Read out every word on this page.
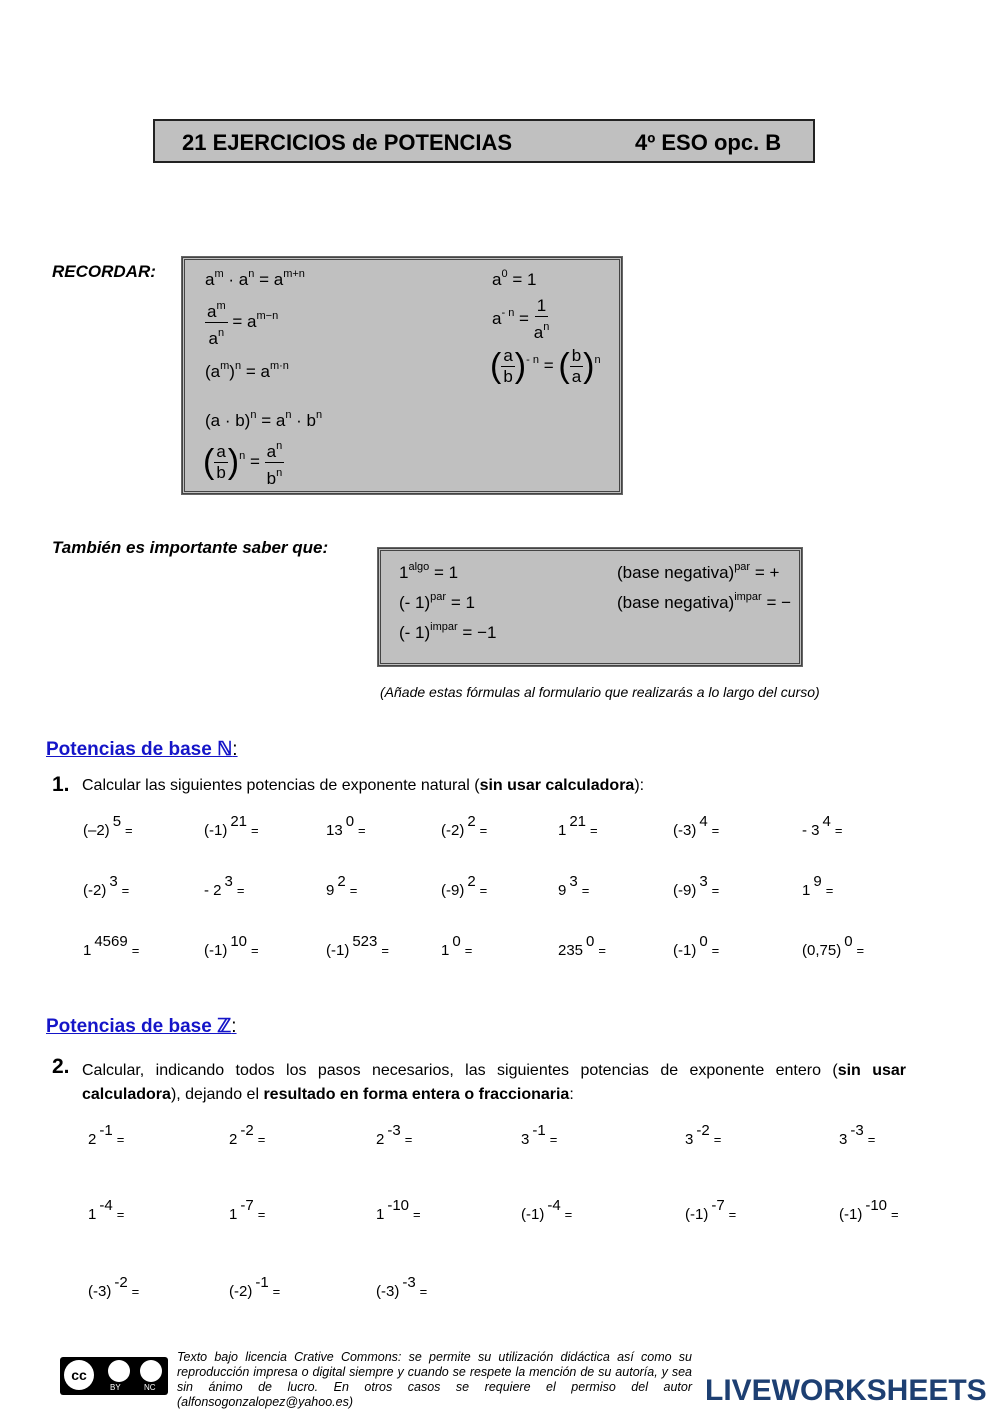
21 EJERCICIOS de POTENCIAS	4º ESO opc. B
RECORDAR:	$a^m \cdot a^n = a^{m+n}$
$\frac{a^m}{a^n} = a^{m-n}$
$(a^m)^n = a^{m\cdot n}$
$(a \cdot b)^n = a^n \cdot b^n$
( $\frac{a}{b} )^n = \frac{a^n}{b^n}$
$a^0 = 1$
$a^{- n} = \frac{1}{a^n}$
( $\frac{a}{b} )^{- n}$ = ( $\frac{b}{a} )^n$
También es importante saber que:
$1^{algo} = 1$
(- 1)$^{par}$ = 1
(- 1)$^{impar}$ = −1
(base negativa)$^{par}$ = +
(base negativa)$^{impar}$ = −
(Añade estas fórmulas al formulario que realizarás a lo largo del curso)
Potencias de base ℕ:
1. Calcular las siguientes potencias de exponente natural (sin usar calculadora):
$(-2)^5=$	$(-1)^{21}=$	$13^0=$	$(-2)^2=$	$1^{21}=$	$(-3)^4=$	- $3^4=$
$(-2)^3=$	- $2^3=$	$9^2=$	$(-9)^2=$	$9^3=$	$(-9)^3=$	$1^9=$
$1^{4569}=$	$(-1)^{10}=$	$(-1)^{523}=$	$1^0=$	$235^0=$	$(-1)^0=$	$(0,75)^0=$
Potencias de base ℤ:
2. Calcular, indicando todos los pasos necesarios, las siguientes potencias de exponente entero (sin usar calculadora), dejando el resultado en forma entera o fraccionaria:
$2^{-1}=$	$2^{-2}=$	$2^{-3}=$	$3^{-1}=$	$3^{-2}=$	$3^{-3}=$
$1^{-4}=$	$1^{-7}=$	$1^{-10}=$	$(-1)^{-4}=$	$(-1)^{-7}=$	$(-1)^{-10}=$
$(-3)^{-2}=$	$(-2)^{-1}=$	$(-3)^{-3}=$
cc
BY	NC
Texto bajo licencia Crative Commons: se permite su utilización didáctica así como su reproducción impresa o digital siempre y cuando se respete la mención de su autoría, y sea sin ánimo de lucro. En otros casos se requiere el permiso del autor (alfonsogonzalopez@yahoo.es)	LIVEWORKSHEETS
